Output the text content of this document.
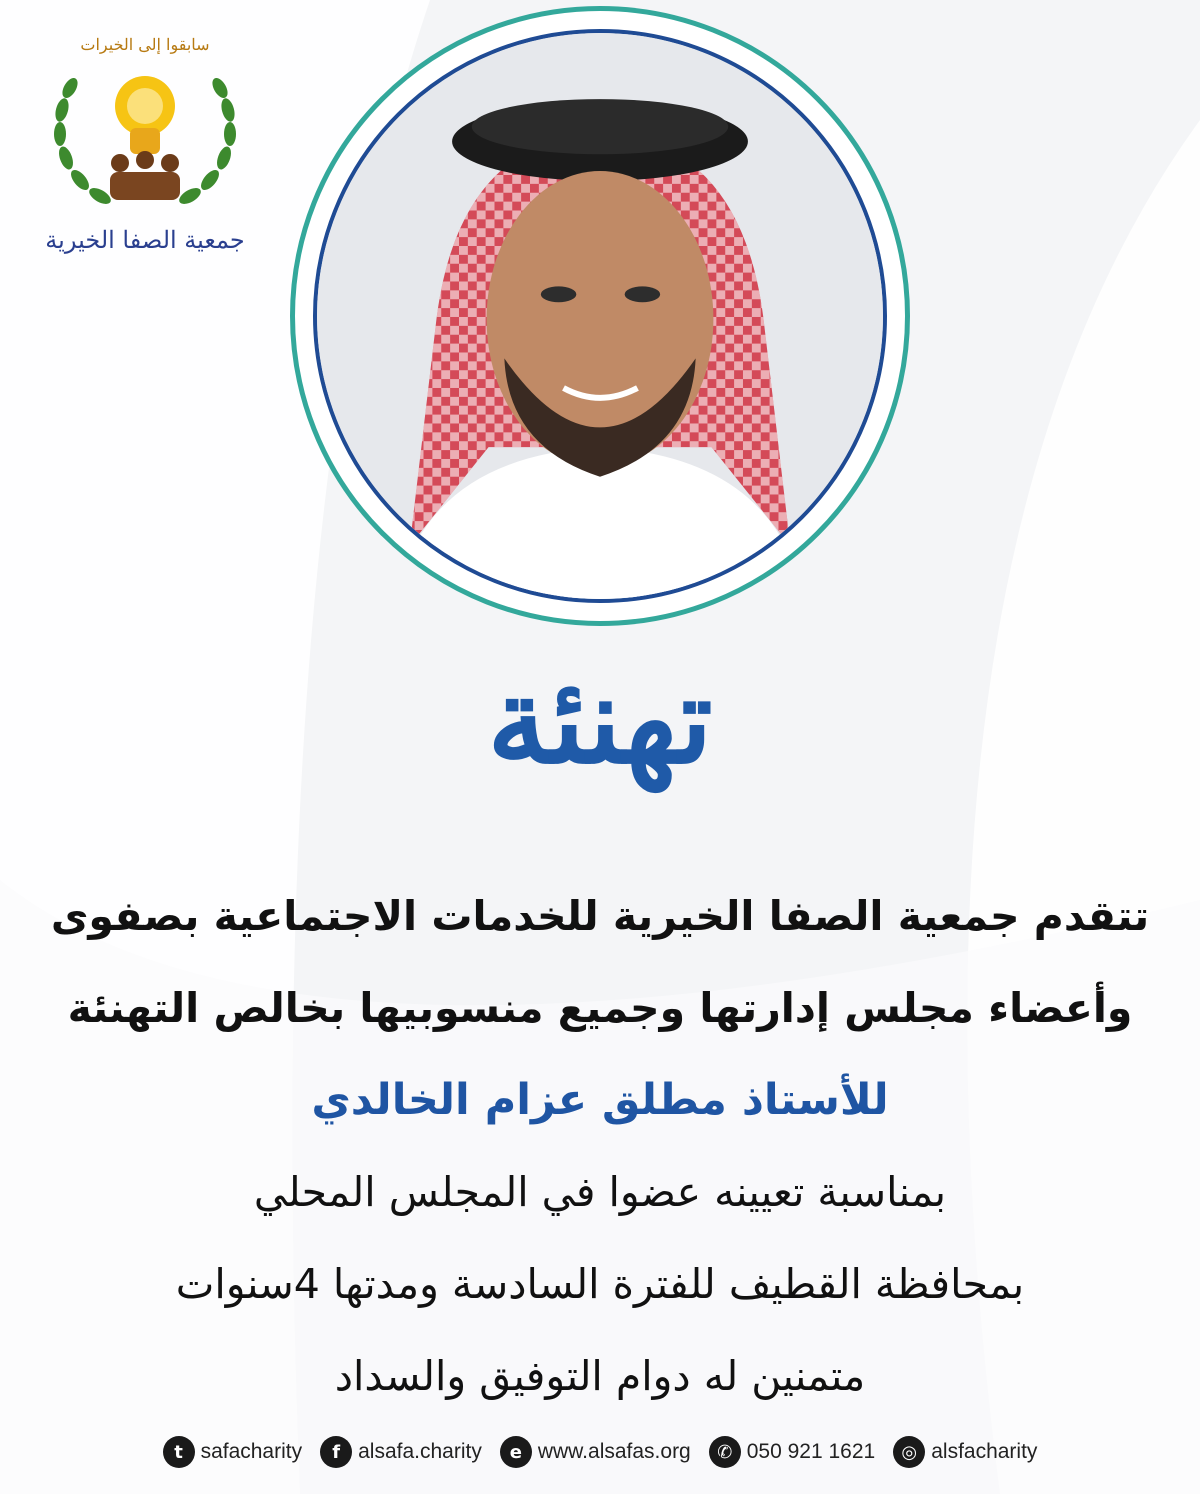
سابقوا إلى الخيرات
جمعية الصفا الخيرية
تهنئة
تتقدم جمعية الصفا الخيرية للخدمات الاجتماعية بصفوى
وأعضاء مجلس إدارتها وجميع منسوبيها بخالص التهنئة
للأستاذ مطلق عزام الخالدي
بمناسبة تعيينه عضوا في المجلس المحلي
بمحافظة القطيف للفترة السادسة ومدتها 4سنوات
متمنين له دوام التوفيق والسداد
t safacharity	f alsafa.charity	e www.alsafas.org	✆ 050 921 1621	◎ alsfacharity
